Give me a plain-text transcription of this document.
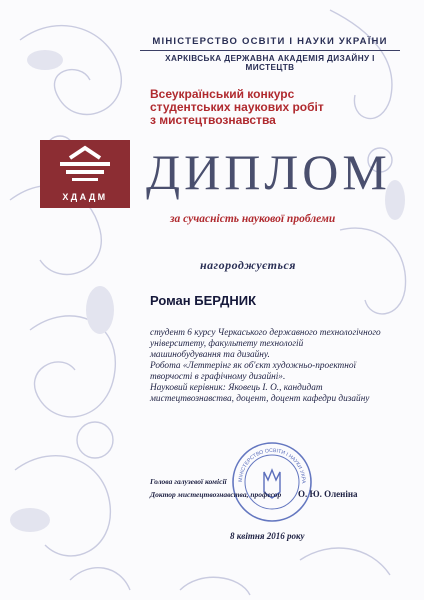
МІНІСТЕРСТВО ОСВІТИ І НАУКИ УКРАЇНИ
ХАРКІВСЬКА ДЕРЖАВНА АКАДЕМІЯ ДИЗАЙНУ І МИСТЕЦТВ
Всеукраїнський конкурс
студентських наукових робіт
з мистецтвознавства
ХДАДМ ДИПЛОМ
за сучасність наукової проблеми
нагороджується
Роман БЕРДНИК
студент 6 курсу Черкаського державного технологічного
університету, факультету технологій
машинобудування та дизайну.
Робота «Леттерінг як об'єкт художньо-проектної
творчості в графічному дизайні».
Науковий керівник: Яковець І. О., кандидат
мистецтвознавства, доцент, доцент кафедри дизайну
МІНІСТЕРСТВО ОСВІТИ І НАУКИ УКРА
Голова галузевої комісії
Доктор мистецтвознавства, професор О. Ю. Оленіна
8 квітня 2016 року
